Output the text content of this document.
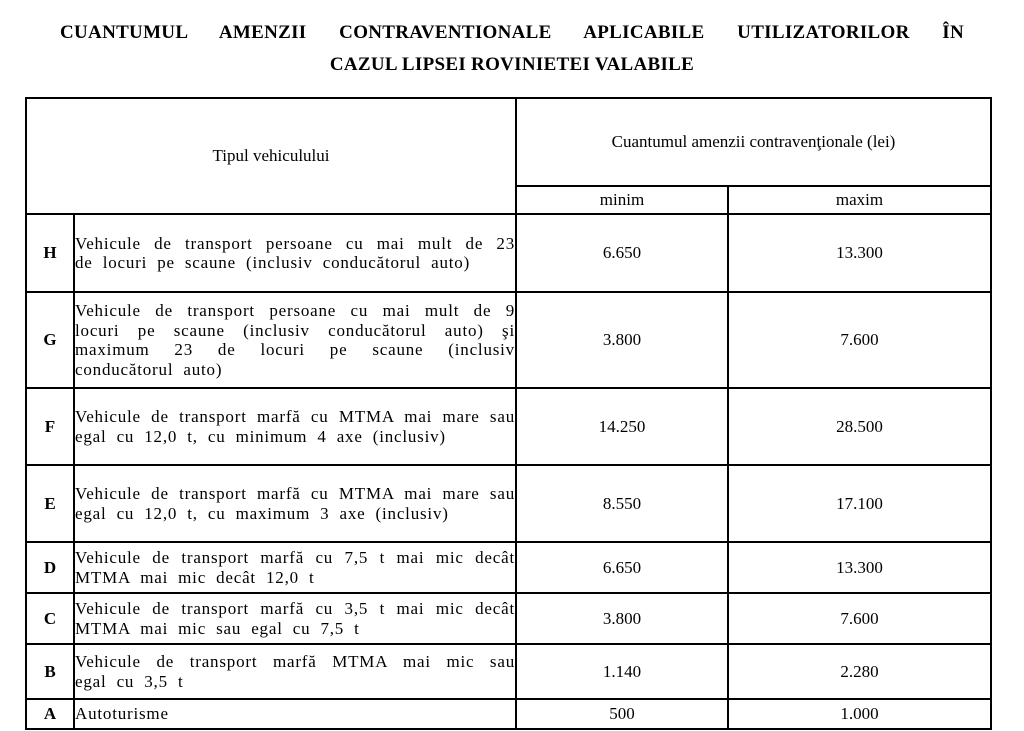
CUANTUMUL AMENZII CONTRAVENTIONALE APLICABILE UTILIZATORILOR ÎN
CAZUL LIPSEI ROVINIETEI VALABILE
Tipul vehiculului		Cuantumul amenzii contravenţionale (lei)	
		minim	maxim
H	Vehicule de transport persoane cu mai mult de 23 de locuri pe scaune (inclusiv conducătorul auto)	6.650	13.300
G	Vehicule de transport persoane cu mai mult de 9 locuri pe scaune (inclusiv conducătorul auto) şi maximum 23 de locuri pe scaune (inclusiv conducătorul auto)	3.800	7.600
F	Vehicule de transport marfă cu MTMA mai mare sau egal cu 12,0 t, cu minimum 4 axe (inclusiv)	14.250	28.500
E	Vehicule de transport marfă cu MTMA mai mare sau egal cu 12,0 t, cu maximum 3 axe (inclusiv)	8.550	17.100
D	Vehicule de transport marfă cu 7,5 t mai mic decât MTMA mai mic decât 12,0 t	6.650	13.300
C	Vehicule de transport marfă cu 3,5 t mai mic decât MTMA mai mic sau egal cu 7,5 t	3.800	7.600
B	Vehicule de transport marfă MTMA mai mic sau egal cu 3,5 t	1.140	2.280
A	Autoturisme	500	1.000
